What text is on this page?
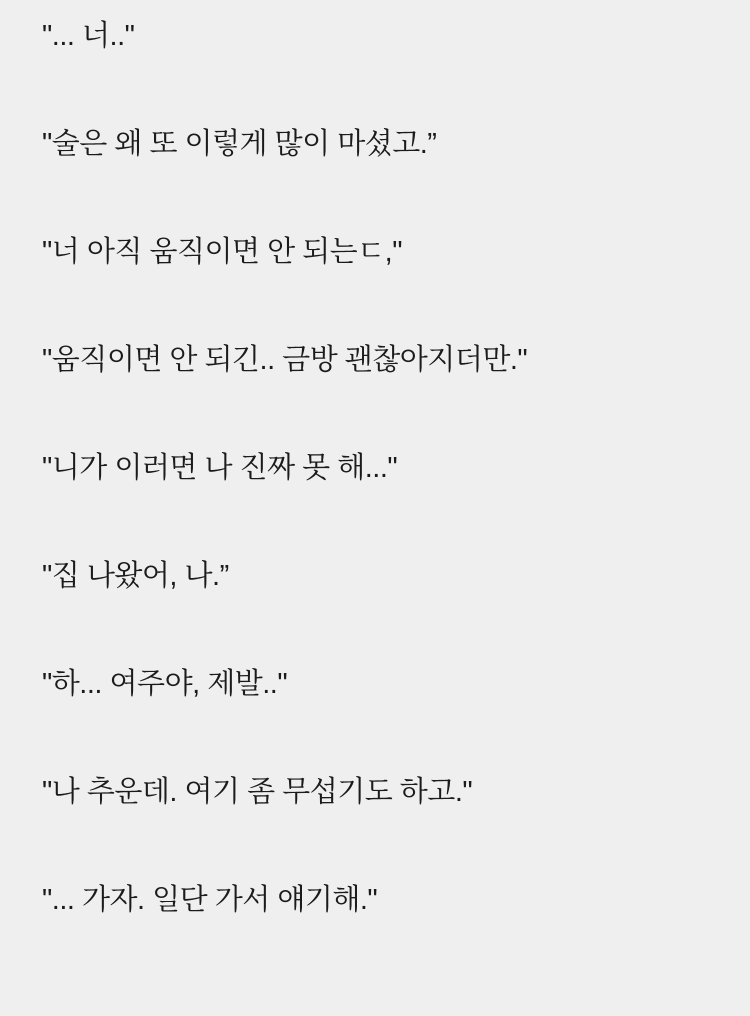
"... 너.."

"술은 왜 또 이렇게 많이 마셨고.”

"너 아직 움직이면 안 되는ㄷ,"

"움직이면 안 되긴.. 금방 괜찮아지더만."

"니가 이러면 나 진짜 못 해..."

"집 나왔어, 나.”

"하... 여주야, 제발.."

"나 추운데. 여기 좀 무섭기도 하고."

"... 가자. 일단 가서 얘기해."
